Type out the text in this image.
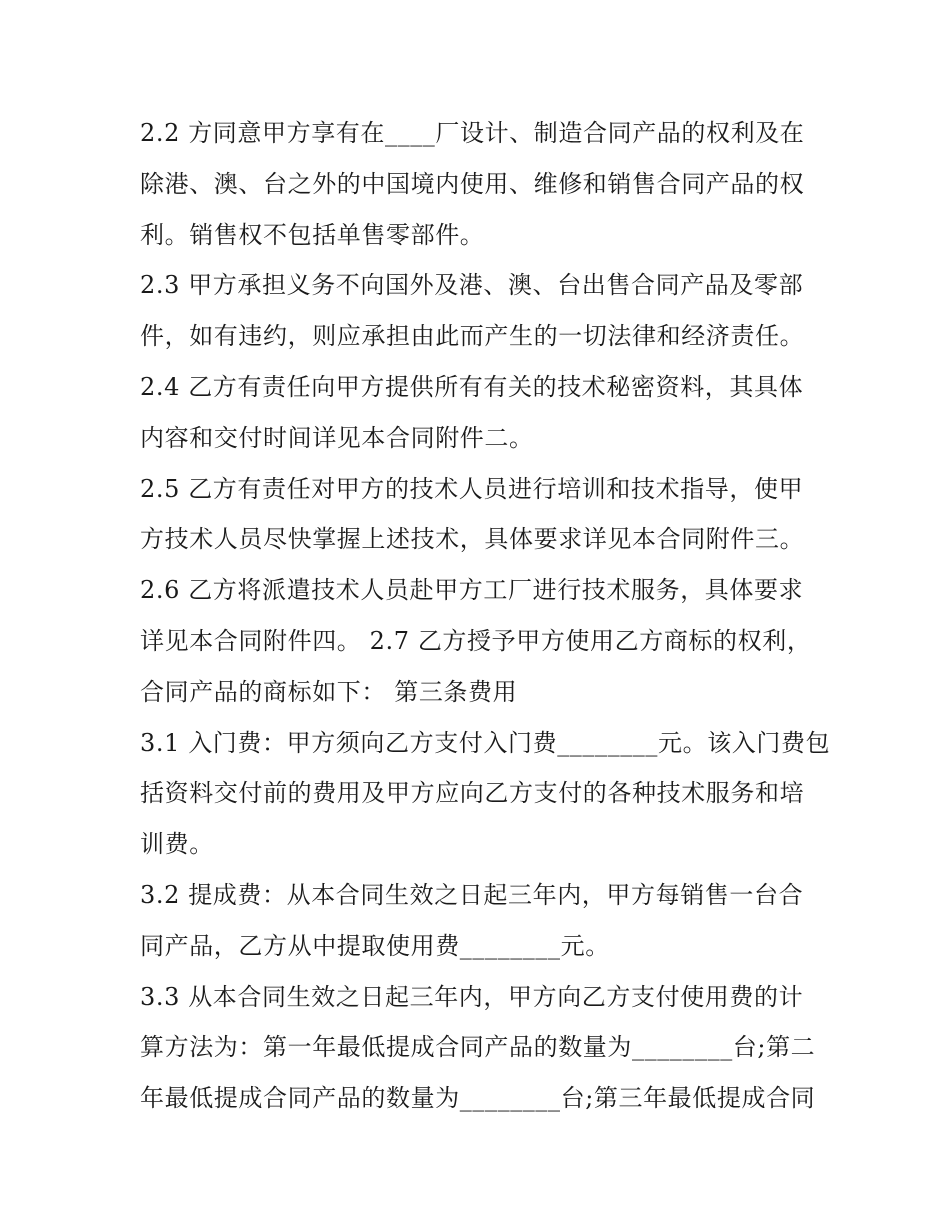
2.2 方同意甲方享有在____厂设计、制造合同产品的权利及在

除港、澳、台之外的中国境内使用、维修和销售合同产品的权

利。销售权不包括单售零部件。

2.3 甲方承担义务不向国外及港、澳、台出售合同产品及零部

件，如有违约，则应承担由此而产生的一切法律和经济责任。

2.4 乙方有责任向甲方提供所有有关的技术秘密资料，其具体

内容和交付时间详见本合同附件二。

2.5 乙方有责任对甲方的技术人员进行培训和技术指导，使甲

方技术人员尽快掌握上述技术，具体要求详见本合同附件三。

2.6 乙方将派遣技术人员赴甲方工厂进行技术服务，具体要求

详见本合同附件四。 2.7 乙方授予甲方使用乙方商标的权利，

合同产品的商标如下： 第三条费用

3.1 入门费：甲方须向乙方支付入门费________元。该入门费包

括资料交付前的费用及甲方应向乙方支付的各种技术服务和培

训费。

3.2 提成费：从本合同生效之日起三年内，甲方每销售一台合

同产品，乙方从中提取使用费________元。

3.3 从本合同生效之日起三年内，甲方向乙方支付使用费的计

算方法为：第一年最低提成合同产品的数量为________台;第二

年最低提成合同产品的数量为________台;第三年最低提成合同
